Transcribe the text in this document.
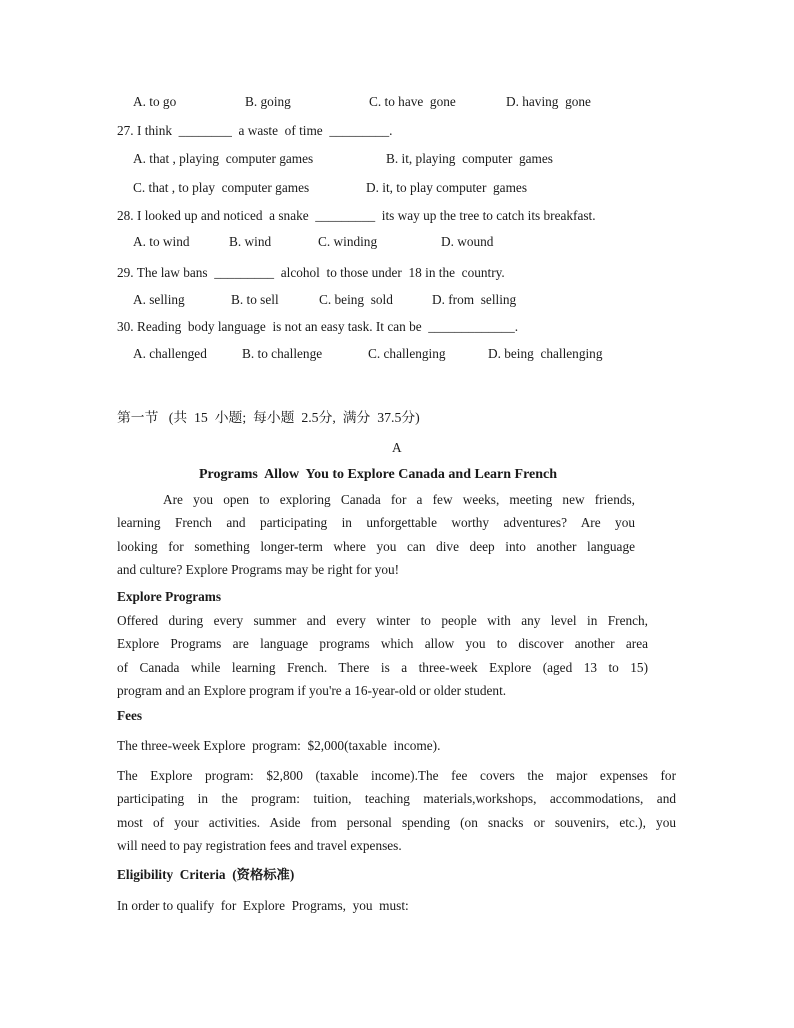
A. to go	B. going	C. to have  gone	D. having  gone
27. I think  ________  a waste  of time  _________.
A. that , playing  computer games	B. it, playing  computer  games
C. that , to play  computer games	D. it, to play computer  games
28. I looked up and noticed  a snake  _________  its way up the tree to catch its breakfast.
A. to wind	B. wind	C. winding	D. wound
29. The law bans  _________  alcohol  to those under  18 in the  country.
A. selling	B. to sell	C. being  sold	D. from  selling
30. Reading  body language  is not an easy task. It can be  _____________.
A. challenged	B. to challenge	C. challenging	D. being  challenging
第一节   (共  15  小题;  每小题  2.5分,  满分  37.5分)
A
Programs  Allow  You to Explore Canada and Learn French
Are you open to exploring Canada for a few weeks, meeting new friends,
learning French and participating in unforgettable worthy adventures? Are you
looking for something longer-term where you can dive deep into another language
and culture? Explore Programs may be right for you!
Explore Programs
Offered during every summer and every winter to people with any level in French,
Explore Programs are language programs which allow you to discover another area
of Canada while learning French. There is a three-week Explore (aged 13 to 15)
program and an Explore program if you're a 16-year-old or older student.
Fees
The three-week Explore  program:  $2,000(taxable  income).
The Explore program: $2,800 (taxable income).The fee covers the major expenses for
participating in the program: tuition, teaching materials,workshops, accommodations, and
most of your activities. Aside from personal spending (on snacks or souvenirs, etc.), you
will need to pay registration fees and travel expenses.
Eligibility  Criteria  (资格标准)
In order to qualify  for  Explore  Programs,  you  must:
